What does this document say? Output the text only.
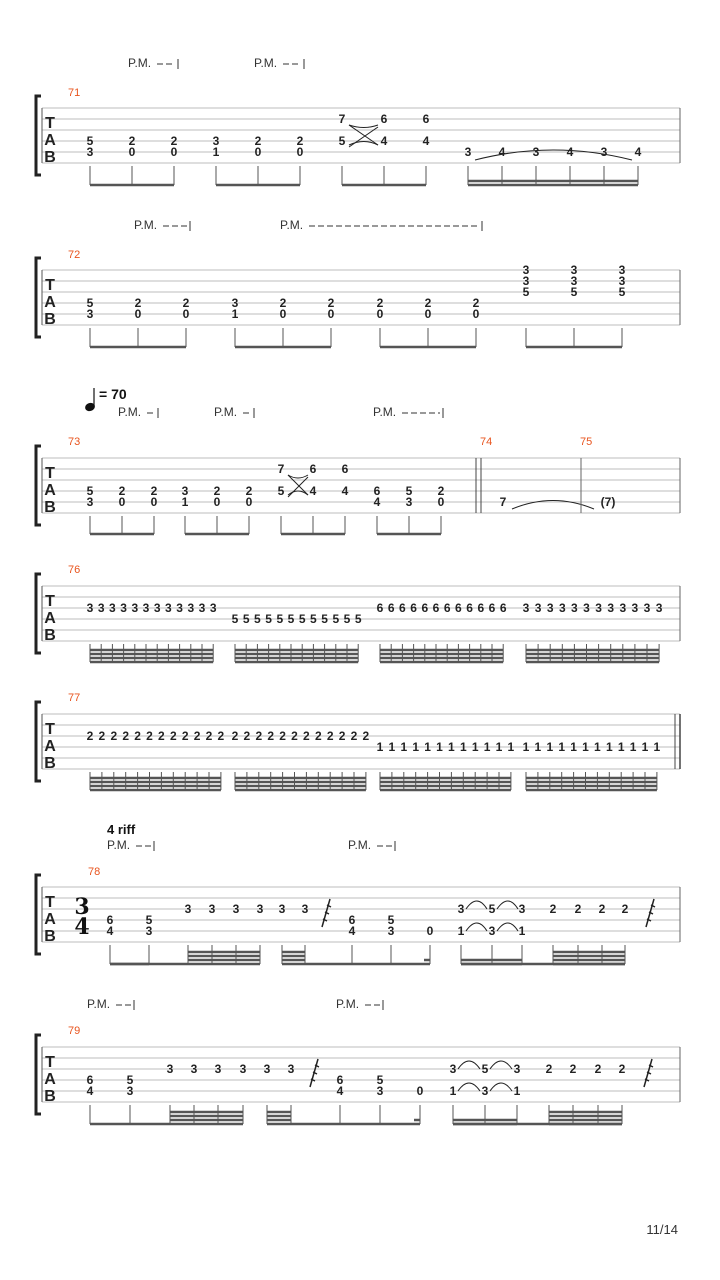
T
A
B
71
P.M.	P.M.
5
3
2
0
2
0
3
1
2
0
2
0
7
5
6
4
6
4
3 4 3 4 3 4
T
A
B
72
P.M.	P.M.
5
3
2
0
2
0
3
1
2
0
2
0
2
0
2
0
2
0
3
3
5
3
3
5
3
3
5
T
A
B
= 70
73	74	75
P.M.	P.M.	P.M.
5
3
2
0
2
0
3
1
2
0
2
0
7
5
6
4
6
4 6
4
5
3
2
0	7	(7)
T
A
B
76
3 3 3 3 3 3 3 3 3 3 3 3
5 5 5 5 5 5 5 5 5 5 5 5
6 6 6 6 6 6 6 6 6 6 6 6 3 3 3 3 3 3 3 3 3 3 3 3
T
A
B
77
2 2 2 2 2 2 2 2 2 2 2 2 2 2 2 2 2 2 2 2 2 2 2 2
1 1 1 1 1 1 1 1 1 1 1 1 1 1 1 1 1 1 1 1 1 1 1 1
T
A
B
4 riff
78
P.M.	P.M.
3
4 6
4
5
3
3 3 3 3 3 3
6
4
5
3	0
3 5 3
1 3 1
2 2 2 2
T
A
B
79
P.M.	P.M.
6
4
5
3
3 3 3 3 3 3
6
4
5
3	0
3 5 3
1 3 1
2 2 2 2
11/14
